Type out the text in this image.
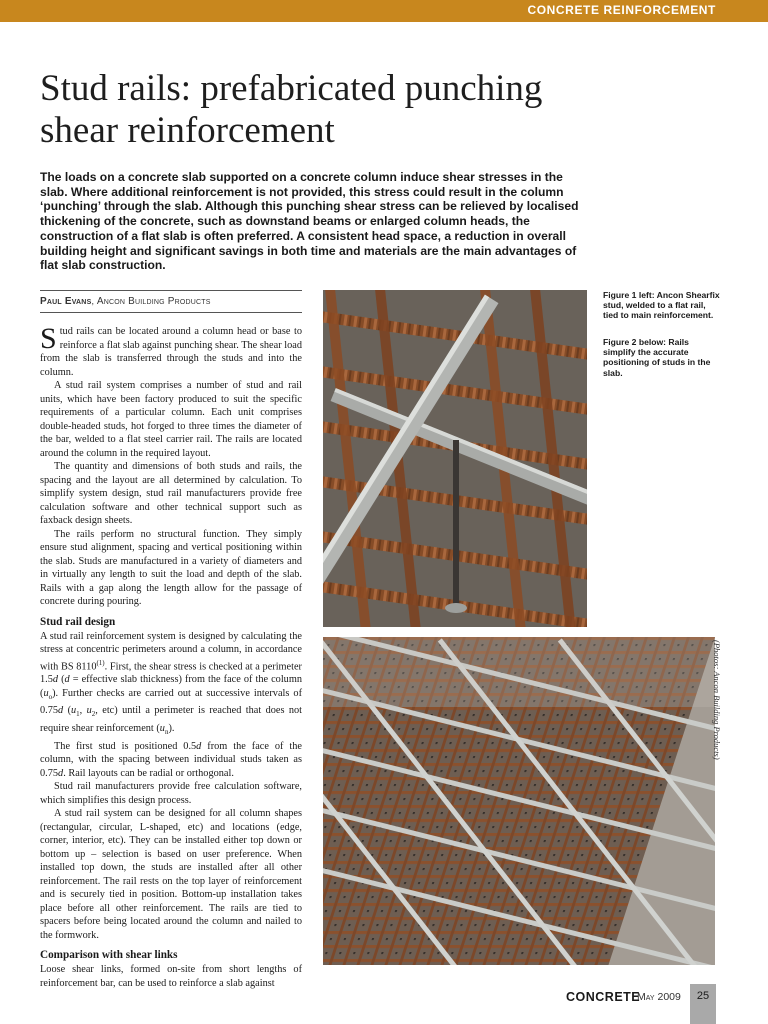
CONCRETE REINFORCEMENT
Stud rails: prefabricated punching shear reinforcement

The loads on a concrete slab supported on a concrete column induce shear stresses in the slab. Where additional reinforcement is not provided, this stress could result in the column ‘punching’ through the slab. Although this punching shear stress can be relieved by localised thickening of the concrete, such as downstand beams or enlarged column heads, the construction of a flat slab is often preferred. A consistent head space, a reduction in overall building height and significant savings in both time and materials are the main advantages of flat slab construction.

Paul Evans, Ancon Building Products

Stud rails can be located around a column head or base to reinforce a flat slab against punching shear. The shear load from the slab is transferred through the studs and into the column.

A stud rail system comprises a number of stud and rail units, which have been factory produced to suit the specific requirements of a particular column. Each unit comprises double-headed studs, hot forged to three times the diameter of the bar, welded to a flat steel carrier rail. The rails are located around the column in the required layout.

The quantity and dimensions of both studs and rails, the spacing and the layout are all determined by calculation. To simplify system design, stud rail manufacturers provide free calculation software and other technical support such as faxback design sheets.

The rails perform no structural function. They simply ensure stud alignment, spacing and vertical positioning within the slab. Studs are manufactured in a variety of diameters and in virtually any length to suit the load and depth of the slab. Rails with a gap along the length allow for the passage of concrete during pouring.

Stud rail design

A stud rail reinforcement system is designed by calculating the stress at concentric perimeters around a column, in accordance with BS 8110$^{(1)}$. First, the shear stress is checked at a perimeter 1.5d (d = effective slab thickness) from the face of the column $(u_o)$. Further checks are carried out at successive intervals of 0.75d ($u_1$, $u_2$, etc) until a perimeter is reached that does not require shear reinforcement $(u_n)$.

The first stud is positioned 0.5d from the face of the column, with the spacing between individual studs taken as 0.75d. Rail layouts can be radial or orthogonal.

Stud rail manufacturers provide free calculation software, which simplifies this design process.

A stud rail system can be designed for all column shapes (rectangular, circular, L-shaped, etc) and locations (edge, corner, interior, etc). They can be installed either top down or bottom up – selection is based on user preference. When installed top down, the studs are installed after all other reinforcement. The rail rests on the top layer of reinforcement and is securely tied in position. Bottom-up installation takes place before all other reinforcement. The rails are tied to spacers before being located around the column and nailed to the formwork.

Comparison with shear links

Loose shear links, formed on-site from short lengths of reinforcement bar, can be used to reinforce a slab against

Figure 1 left: Ancon Shearfix stud, welded to a flat rail, tied to main reinforcement.

Figure 2 below: Rails simplify the accurate positioning of studs in the slab.

(Photos: Ancon Building Products)
CONCRETE
May 2009	25
